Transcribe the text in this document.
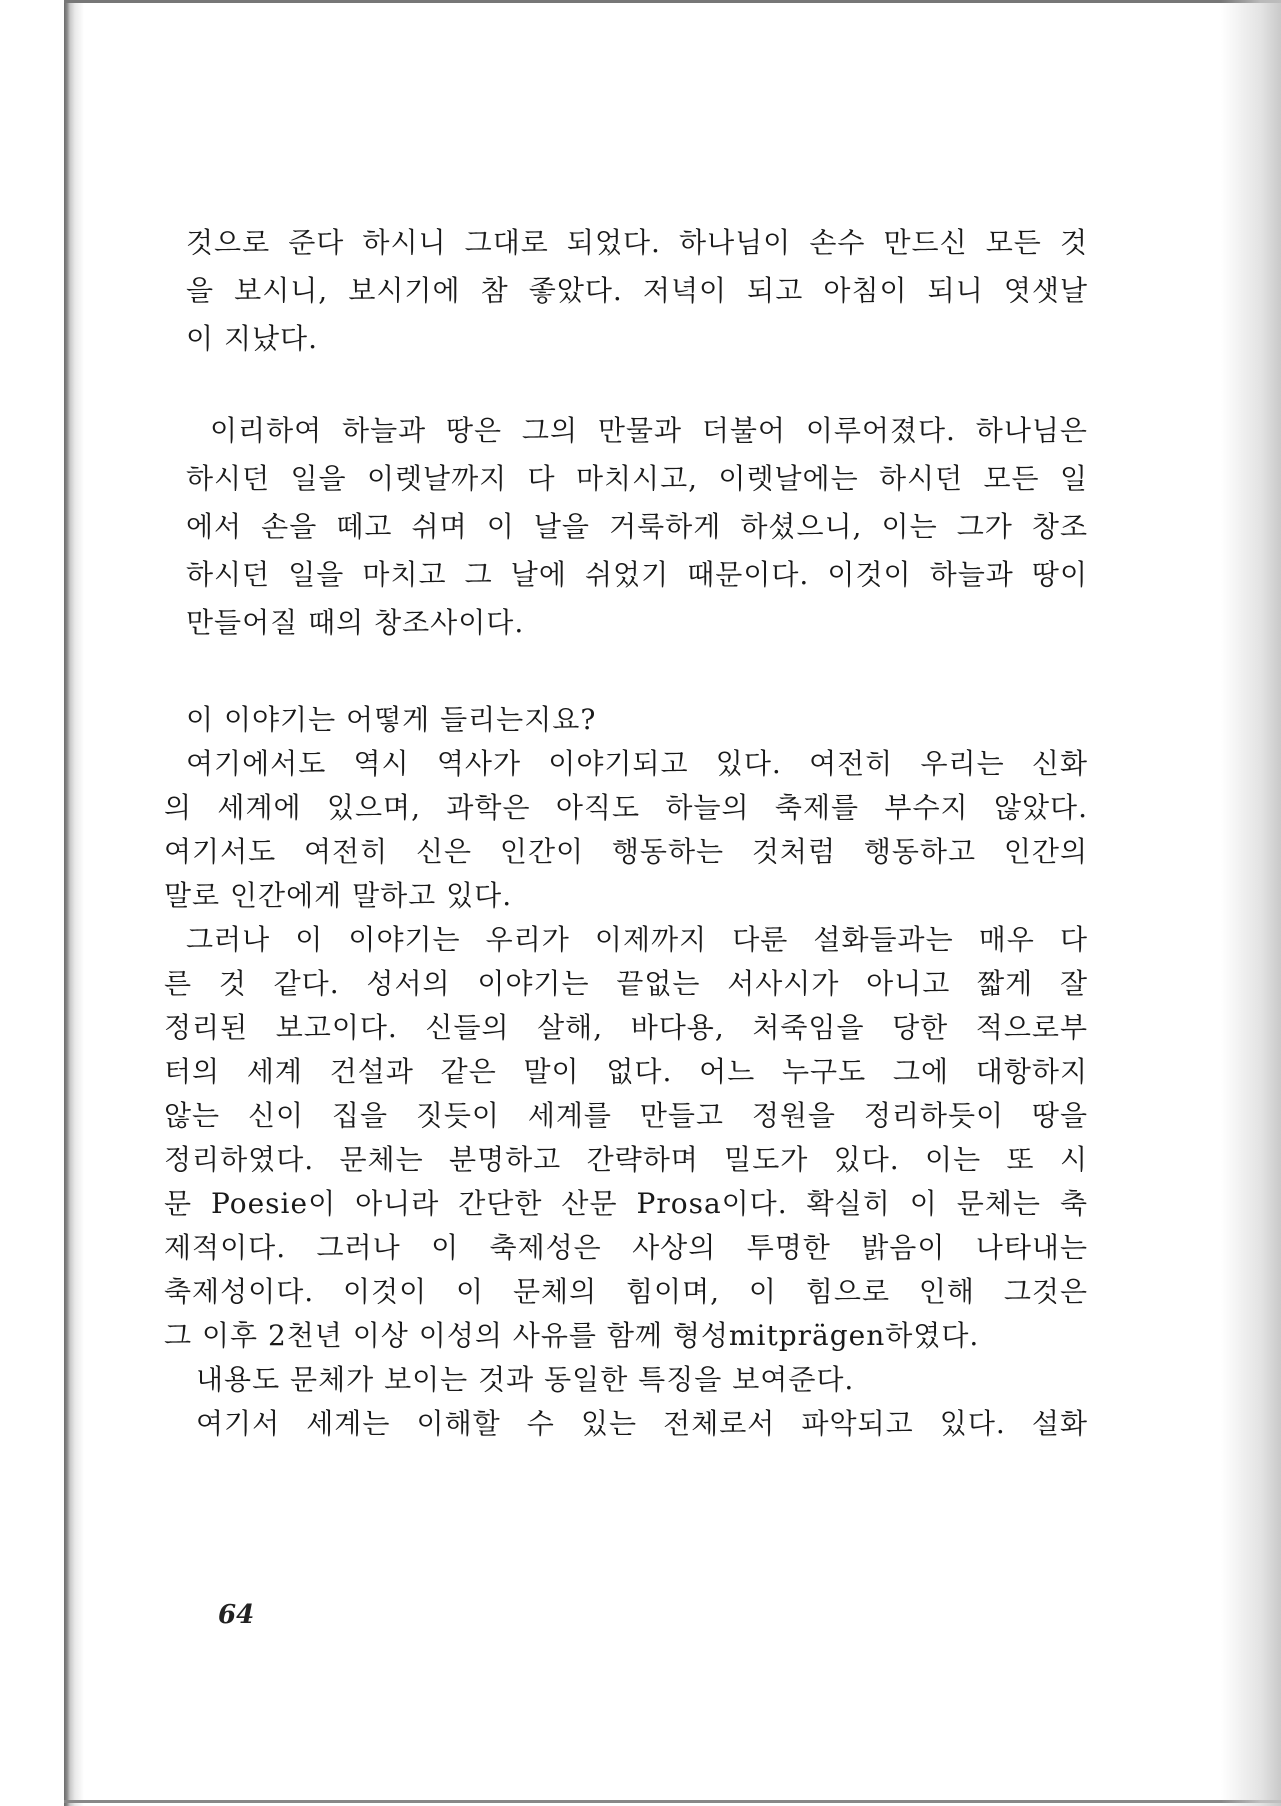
것으로 준다 하시니 그대로 되었다. 하나님이 손수 만드신 모든 것
을 보시니, 보시기에 참 좋았다. 저녁이 되고 아침이 되니 엿샛날
이 지났다.
이리하여 하늘과 땅은 그의 만물과 더불어 이루어졌다. 하나님은
하시던 일을 이렛날까지 다 마치시고, 이렛날에는 하시던 모든 일
에서 손을 떼고 쉬며 이 날을 거룩하게 하셨으니, 이는 그가 창조
하시던 일을 마치고 그 날에 쉬었기 때문이다. 이것이 하늘과 땅이
만들어질 때의 창조사이다.
이 이야기는 어떻게 들리는지요?
여기에서도 역시 역사가 이야기되고 있다. 여전히 우리는 신화
의 세계에 있으며, 과학은 아직도 하늘의 축제를 부수지 않았다.
여기서도 여전히 신은 인간이 행동하는 것처럼 행동하고 인간의
말로 인간에게 말하고 있다.
그러나 이 이야기는 우리가 이제까지 다룬 설화들과는 매우 다
른 것 같다. 성서의 이야기는 끝없는 서사시가 아니고 짧게 잘
정리된 보고이다. 신들의 살해, 바다용, 처죽임을 당한 적으로부
터의 세계 건설과 같은 말이 없다. 어느 누구도 그에 대항하지
않는 신이 집을 짓듯이 세계를 만들고 정원을 정리하듯이 땅을
정리하였다. 문체는 분명하고 간략하며 밀도가 있다. 이는 또 시
문 Poesie이 아니라 간단한 산문 Prosa이다. 확실히 이 문체는 축
제적이다. 그러나 이 축제성은 사상의 투명한 밝음이 나타내는
축제성이다. 이것이 이 문체의 힘이며, 이 힘으로 인해 그것은
그 이후 2천년 이상 이성의 사유를 함께 형성mitprägen하였다.
내용도 문체가 보이는 것과 동일한 특징을 보여준다.
여기서 세계는 이해할 수 있는 전체로서 파악되고 있다. 설화
64
